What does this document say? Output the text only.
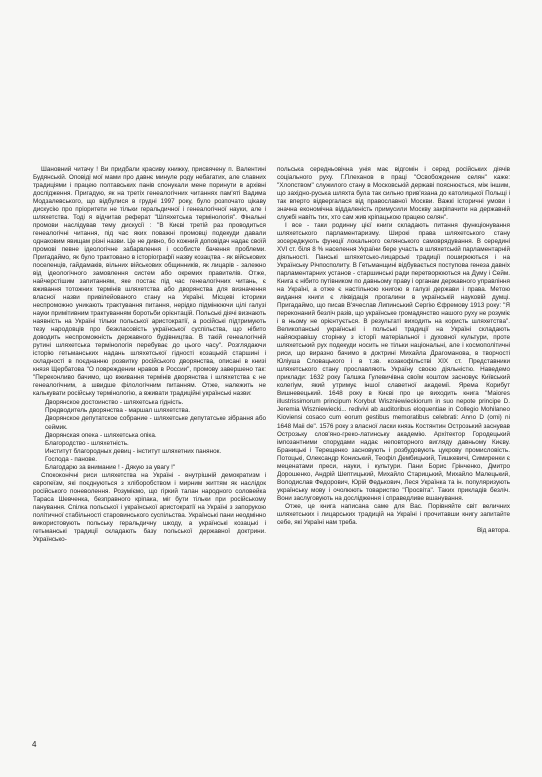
Шановний читачу ! Ви придбали красиву книжку, присвячену п. Валентині Будянській. Оповіді мої мами про давнє минуле роду небагатих, але славних традиціями і працею полтавських панів спонукали мене поринути в архівні дослідження. Пригадую, як на третіх генеалогічних читаннях пам'яті Вадима Модзалевського, що відбулися в грудні 1997 року, було розпочато цікаву дискусію про пріоритети не тільки геральдичної і генеалогічної науки, але і шляхетства. Тоді я відчитав реферат "Шляхетська термінологія". Фінальні промови наслідував тему дискусії : "В Києві третій раз проводиться генеалогічні читання, під час яких поважні промовці подекуди давали однаковим явищам різні назви. Це не дивно, бо кожний доповідач надає своїй промові певне ідеологічне забарвлення і особисте бачення проблеми. Пригадаймо, як було трактовано в історіографії назву козацтва - як військових поселенців, гайдамаків, вільних військових общинників, як лицарів - залежно від ідеологічного замовлення систем або окремих правителів. Отже, найчерстішим запитанням, яке постає під час генеалогічних читань, є вживання тотожних термінів шляхетства або дворянства для визначення власної назви привілейованого стану на Україні. Місцеві історики неспроможно уникають трактування питання, нерідко підмінюючи цілі галузі науки примітивним трактуванням боротьби орієнтацій. Польські діячі визнають наявність на Україні тільки польської аристократії, а російські підтримують тезу народовців про безкласовість української суспільства, що нібито доводить неспроможність державного будівництва. В такій генеалогічній рутині шляхетська термінологія перебуває до цього часу". Розглядаючи історію гетьманських надань шляхетської гідності козацькій старшині і складності в поєднанню розвитку російського дворянства, описані в книзі князя Щербатова "О повреждении нравов в России", промову завершено так: "Переконливо бачимо, що вживання термінів дворянства і шляхетства є не генеалогічним, а швидше філологічним питанням. Отже, належить не калькувати російську термінологію, а вживати традиційні українські назви:

Дворянское достоинство - шляхетська гідність.

Предводитель дворянства - маршал шляхетства.

Дворянское депутатское собрание - шляхетське депутатське зібрання або сеймик.

Дворянская опека - шляхетська опіка.

Благородство - шляхетність.

Институт благородных девиц - інститут шляхетних панянок.

Господа - панове.

Благодарю за внимание ! - Дякую за увагу !"

Спококонічні риси шляхетства на Україні - внутрішній демократизм і європеїзм, які поєднуються з хліборобством і мирним життям як наслідок російського поневолення. Розуміємо, що гіркий талан народного соловейка Тараса Шевченка, безправного кріпака, міг бути тільки при російському панування. Спілка польської і української аристократії на Україні з запорукою політичної стабільності старовинського суспільства. Українські пани неодмінно використовують польську геральдичну шкоду, а українські козацькі і гетьманські традиції складають базу польської державної доктрини. Українсько-

польська середньовічна унія має відгомін і серед російських діячів соціального руху. Г.Плеханов в праці "Освобождение селян" каже: "Хлопством" служилого стану в Московській державі пояснюється, між іншим, що західно-руська шляхта була так сильно прив'язана до католицької Польщі і так вперто відвергалася від православної Москви. Важкі історичні умови і значна економічна віддаленість примусили Москву закріпачити на державній службі навіть тих, хто сам жив кріпацькою працею селян".

І все - таки родинну цієї книги складають питання функціонування шляхетського парламентаризму. Широкі права шляхетського стану зосереджують функції локального селянського самоврядування. В середині XVI ст. біля 8 % населення України бере участь в шляхетській парламентарній діяльності. Панські шляхетсько-лицарські традиції поширюються і на Українську Річпосполиту. В Гетьманщині відбувається поступова генеза давніх парламентарних установ - старшинські ради перетворюються на Думу і Сейм. Книга є нібито путівником по давньому праву і органам державного управління на Україні, а отже є настільною книгою в галузі держави і права. Метою видання книги є ліквідація прогалини в українській науковій думці. Пригадаймо, що писав В'ячеслав Липинський Сергію Єфремову 1913 року: "Я переконаний безліч разів, що українське громадянство нашого руху не розуміє і в ньому не орієнтується. В результаті виходить на користь шляхетства". Великопанські українські і польські традиції на Україні складають найяскравішу сторінку з історії матеріальної і духовної культури, проте шляхетський рух подекуди носить не тільки національні, але і космополітичні риси, що виразно бачимо в доктрині Михайла Драгоманова, в творчості Юліуша Словацького і в т.зв. козакофільстві XIX ст. Представники шляхетського стану прославляють Україну своєю діяльністю. Наведемо приклади: 1632 року Галшка Гулевичівна своїм коштом засновує Київський колегіум, який утримує іншої славетної академії. Ярема Корибут Вишневецький. 1648 року в Києві про це виходить книга "Maiores illustrissimorum principum Korybut Wiszniewieckiorum in suo nepote principe D. Jeremia Wiszniewiecki... redivivi ab auditoribus eloquentiae in Collegio Mohilaneo Kioviensi cosaco cum eorum gestibus memoratibus celebrati: Anno D (omi) ni 1648 Maii de". 1576 року з власної ласки князь Костянтин Острозький заснував Острозьку слов'яно-греко-латинську академію. Архітектор Городецький імпозантними спорудами надає неповторного вигляду давньому Києву. Браницькі і Терещенко засновують і розбудовують цукрову промисловість. Потоцькі, Олександр Кониський, Теофіл Дембицький, Тишкевичі, Симиренки є меценатами преси, науки, і культури. Пани Борис Грінченко, Дмитро Дорошенко, Андрій Шептицький, Михайло Старицький, Михайло Малецький, Володислав Федорович, Юрій Федькович, Леся Українка та ін. популяризують українську мову і очолюють товариство "Просвіта". Таких прикладів безліч. Вони заслуговують на дослідження і справедливе вшанування.

Отже, це книга написана саме для Вас. Порівняйте світ величних шляхетських і лицарських традицій на Україні і прочитавши книгу запитайте себе, які Україні нам треба.

Від автора.

4
